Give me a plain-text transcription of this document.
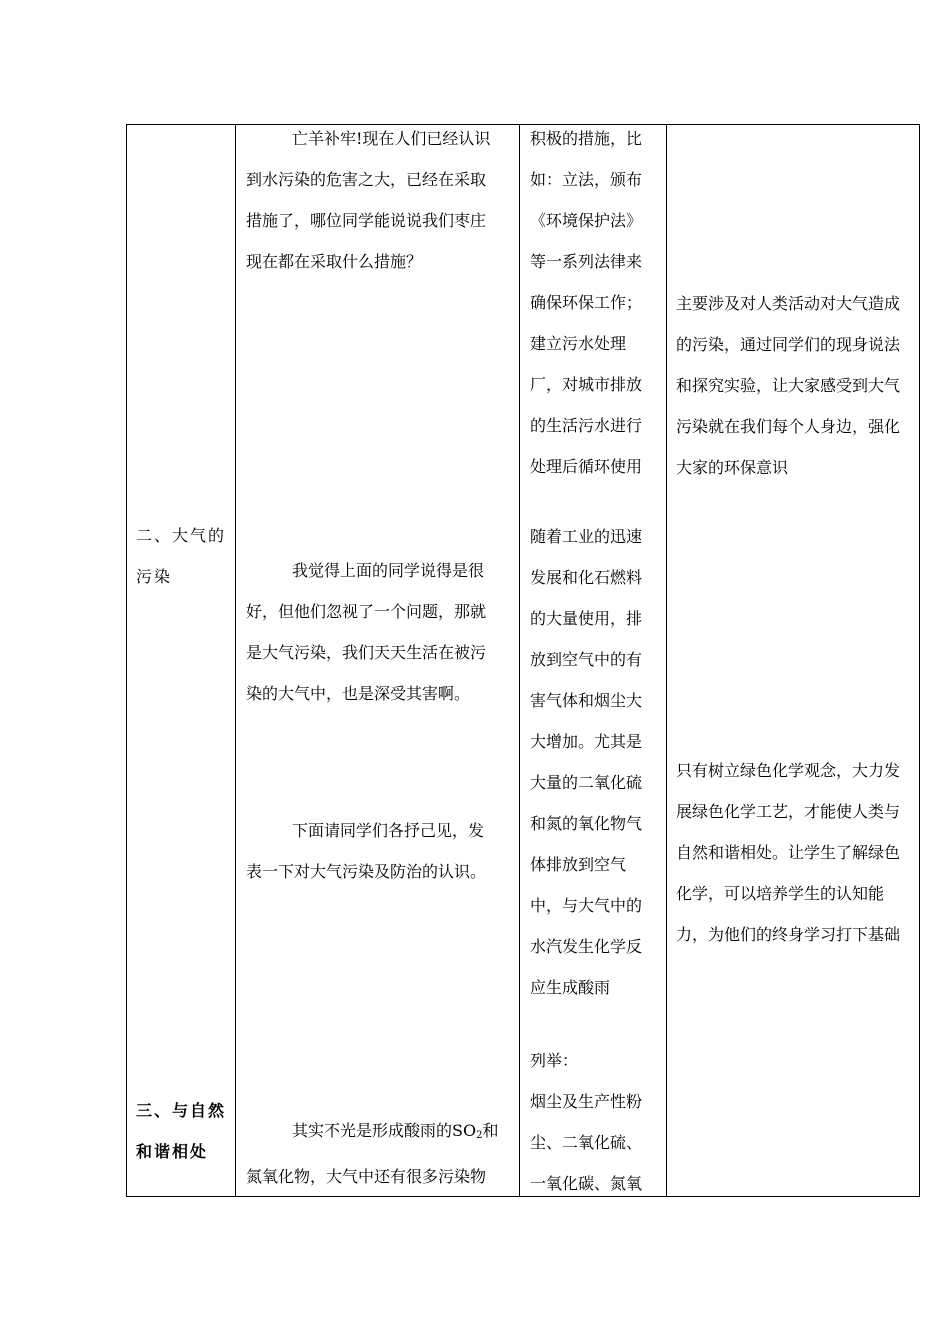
二、大气的
污染
三、与自然
和谐相处
亡羊补牢!现在人们已经认识
到水污染的危害之大，已经在采取
措施了，哪位同学能说说我们枣庄
现在都在采取什么措施？
我觉得上面的同学说得是很
好，但他们忽视了一个问题，那就
是大气污染，我们天天生活在被污
染的大气中，也是深受其害啊。
下面请同学们各抒己见，发
表一下对大气污染及防治的认识。
其实不光是形成酸雨的$SO_2$和
氮氧化物，大气中还有很多污染物
积极的措施，比
如：立法，颁布
《环境保护法》
等一系列法律来
确保环保工作；
建立污水处理
厂，对城市排放
的生活污水进行
处理后循环使用
随着工业的迅速
发展和化石燃料
的大量使用，排
放到空气中的有
害气体和烟尘大
大增加。尤其是
大量的二氧化硫
和氮的氧化物气
体排放到空气
中，与大气中的
水汽发生化学反
应生成酸雨
列举：
烟尘及生产性粉
尘、二氧化硫、
一氧化碳、氮氧
主要涉及对人类活动对大气造成
的污染，通过同学们的现身说法
和探究实验，让大家感受到大气
污染就在我们每个人身边，强化
大家的环保意识
只有树立绿色化学观念，大力发
展绿色化学工艺，才能使人类与
自然和谐相处。让学生了解绿色
化学，可以培养学生的认知能
力，为他们的终身学习打下基础
